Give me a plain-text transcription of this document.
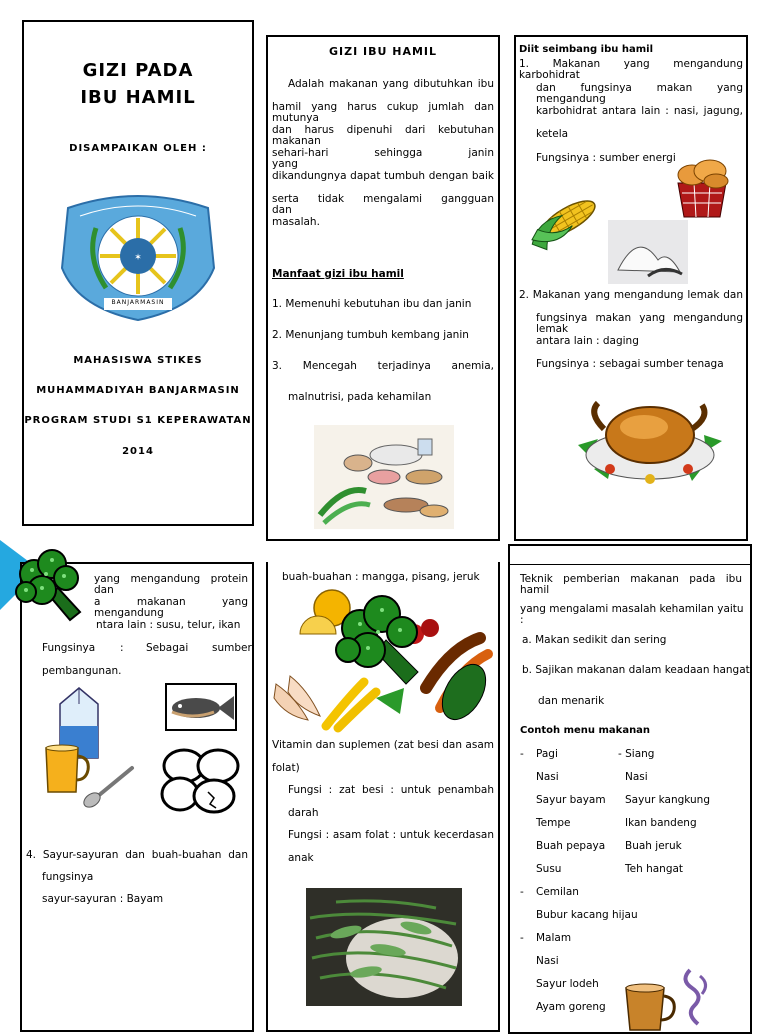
GIZI PADA
IBU HAMIL
DISAMPAIKAN OLEH :
✶
BANJARMASIN
MAHASISWA STIKES
MUHAMMADIYAH BANJARMASIN
PROGRAM STUDI S1 KEPERAWATAN
2014
GIZI IBU HAMIL
Adalah makanan yang dibutuhkan ibu
hamil yang harus cukup jumlah dan mutunya
dan harus dipenuhi dari kebutuhan makanan
sehari-hari sehingga janin yang
dikandungnya dapat tumbuh dengan baik
serta tidak mengalami gangguan dan
masalah.
Manfaat gizi ibu hamil
1. Memenuhi kebutuhan ibu dan janin
2. Menunjang tumbuh kembang janin
3. Mencegah terjadinya anemia,
malnutrisi, pada kehamilan
Diit seimbang ibu hamil
1. Makanan yang mengandung karbohidrat
dan fungsinya makan yang mengandung
karbohidrat antara lain : nasi, jagung,
ketela
Fungsinya : sumber energi
2. Makanan yang mengandung lemak dan
fungsinya makan yang mengandung lemak
antara lain : daging
Fungsinya : sebagai sumber tenaga
yang mengandung protein dan
a makanan yang mengandung
ntara lain : susu, telur, ikan
Fungsinya : Sebagai sumber
pembangunan.
4. Sayur-sayuran dan buah-buahan dan
fungsinya
sayur-sayuran : Bayam
buah-buahan : mangga, pisang, jeruk
Vitamin dan suplemen (zat besi dan asam
folat)
Fungsi : zat besi : untuk penambah
darah
Fungsi : asam folat : untuk kecerdasan
anak
Teknik pemberian makanan pada ibu hamil
yang mengalami masalah kehamilan yaitu :
a. Makan sedikit dan sering
b. Sajikan makanan dalam keadaan hangat
dan menarik
Contoh menu makanan
- Pagi	- Siang
Nasi
Sayur bayam
Tempe
Buah pepaya
Susu
Nasi
Sayur kangkung
Ikan bandeng
Buah jeruk
Teh hangat
- Cemilan
Bubur kacang hijau
- Malam
Nasi
Sayur lodeh
Ayam goreng
